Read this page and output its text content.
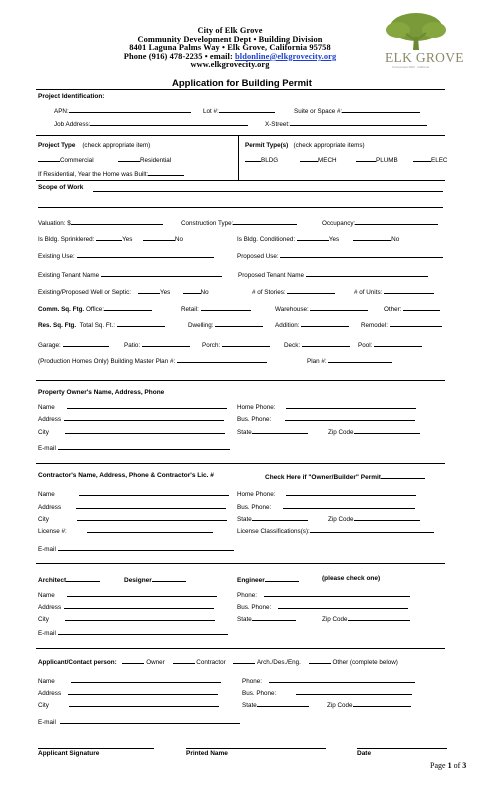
City of Elk Grove
Community Development Dept • Building Division
8401 Laguna Palms Way • Elk Grove, California 95758
Phone (916) 478-2235 • email: bldonline@elkgrovecity.org
www.elkgrovecity.org	ELK GROVE
Incorporated 2000 · California
Application for Building Permit
Project Identification:
APN:	Lot #:	Suite or Space #:
Job Address:	X-Street:
Project Type (check appropriate item)
Commercial	Residential
If Residential, Year the Home was Built:
Permit Type(s) (check appropriate items)
BLDG	MECH	PLUMB	ELEC
Scope of Work
Valuation: $	Construction Type:	Occupancy:
Is Bldg. Sprinklered:	Yes	No	Is Bldg. Conditioned:	Yes	No
Existing Use:	Proposed Use:
Existing Tenant Name	Proposed Tenant Name
Existing/Proposed Well or Septic:	Yes	No	# of Stories:	# of Units:
Comm. Sq. Ftg. Office:	Retail:	Warehouse:	Other:
Res. Sq. Ftg. Total Sq. Ft.:	Dwelling:	Addition:	Remodel:
Garage:	Patio:	Porch:	Deck:	Pool:
(Production Homes Only) Building Master Plan #:	Plan #:
Property Owner's Name, Address, Phone
Name
Address
City
Home Phone:
Bus. Phone:
State	Zip Code
E-mail
Contractor's Name, Address, Phone & Contractor's Lic. #	Check Here if "Owner/Builder" Permit
Name
Address
City
License #:
Home Phone:
Bus. Phone:
State	Zip Code
License Classifications(s):
E-mail
Architect	Designer	Engineer	(please check one)
Name
Address
City
Phone:
Bus. Phone:
State	Zip Code
E-mail
Applicant/Contact person:	Owner	Contractor	Arch./Des./Eng.	Other (complete below)
Name
Address
City
Phone:
Bus. Phone:
State	Zip Code
E-mail
Applicant Signature	Printed Name	Date
Page 1 of 3
